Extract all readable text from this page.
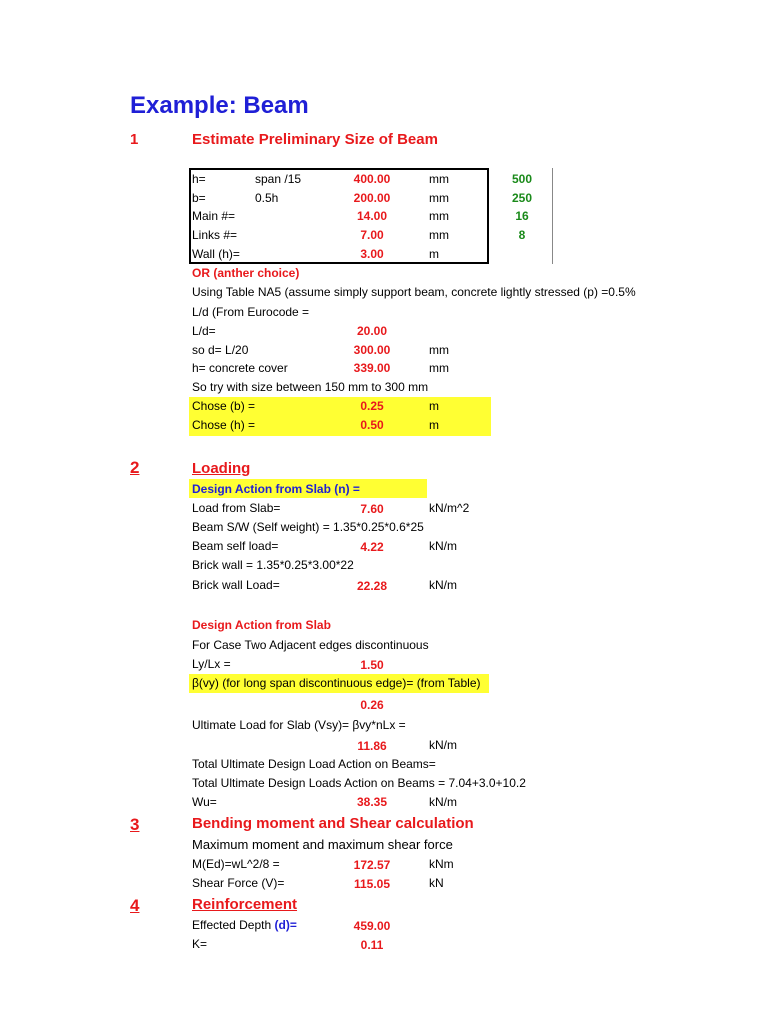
Example: Beam
1	Estimate Preliminary Size of Beam
h=	span /15	400.00	mm	500
b=	0.5h	200.00	mm	250
Main #=	14.00	mm	16
Links #=	7.00	mm	8
Wall (h)=	3.00	m
OR (anther choice)
Using Table NA5 (assume simply support beam, concrete lightly stressed (p) =0.5%
L/d (From Eurocode =
L/d=	20.00
so d= L/20	300.00	mm
h= concrete cover	339.00	mm
So try with size between 150 mm to 300 mm
Chose (b) =	0.25	m
Chose (h) =	0.50	m
2	Loading
Design Action from Slab (n) =
Load from Slab=	7.60	kN/m^2
Beam S/W (Self weight) = 1.35*0.25*0.6*25
Beam self load=	4.22	kN/m
Brick wall = 1.35*0.25*3.00*22
Brick wall Load=	22.28	kN/m
Design Action from Slab
For Case Two Adjacent edges discontinuous
Ly/Lx =	1.50
β(vy) (for long span discontinuous edge)= (from Table)
0.26
Ultimate Load for Slab (Vsy)= βvy*nLx =
11.86	kN/m
Total Ultimate Design Load Action on Beams=
Total Ultimate Design Loads Action on Beams = 7.04+3.0+10.2
Wu=	38.35	kN/m
3	Bending moment and Shear calculation
Maximum moment and maximum shear force
M(Ed)=wL^2/8 =	172.57	kNm
Shear Force (V)=	115.05	kN
4	Reinforcement
Effected Depth (d)=	459.00
K=	0.11
